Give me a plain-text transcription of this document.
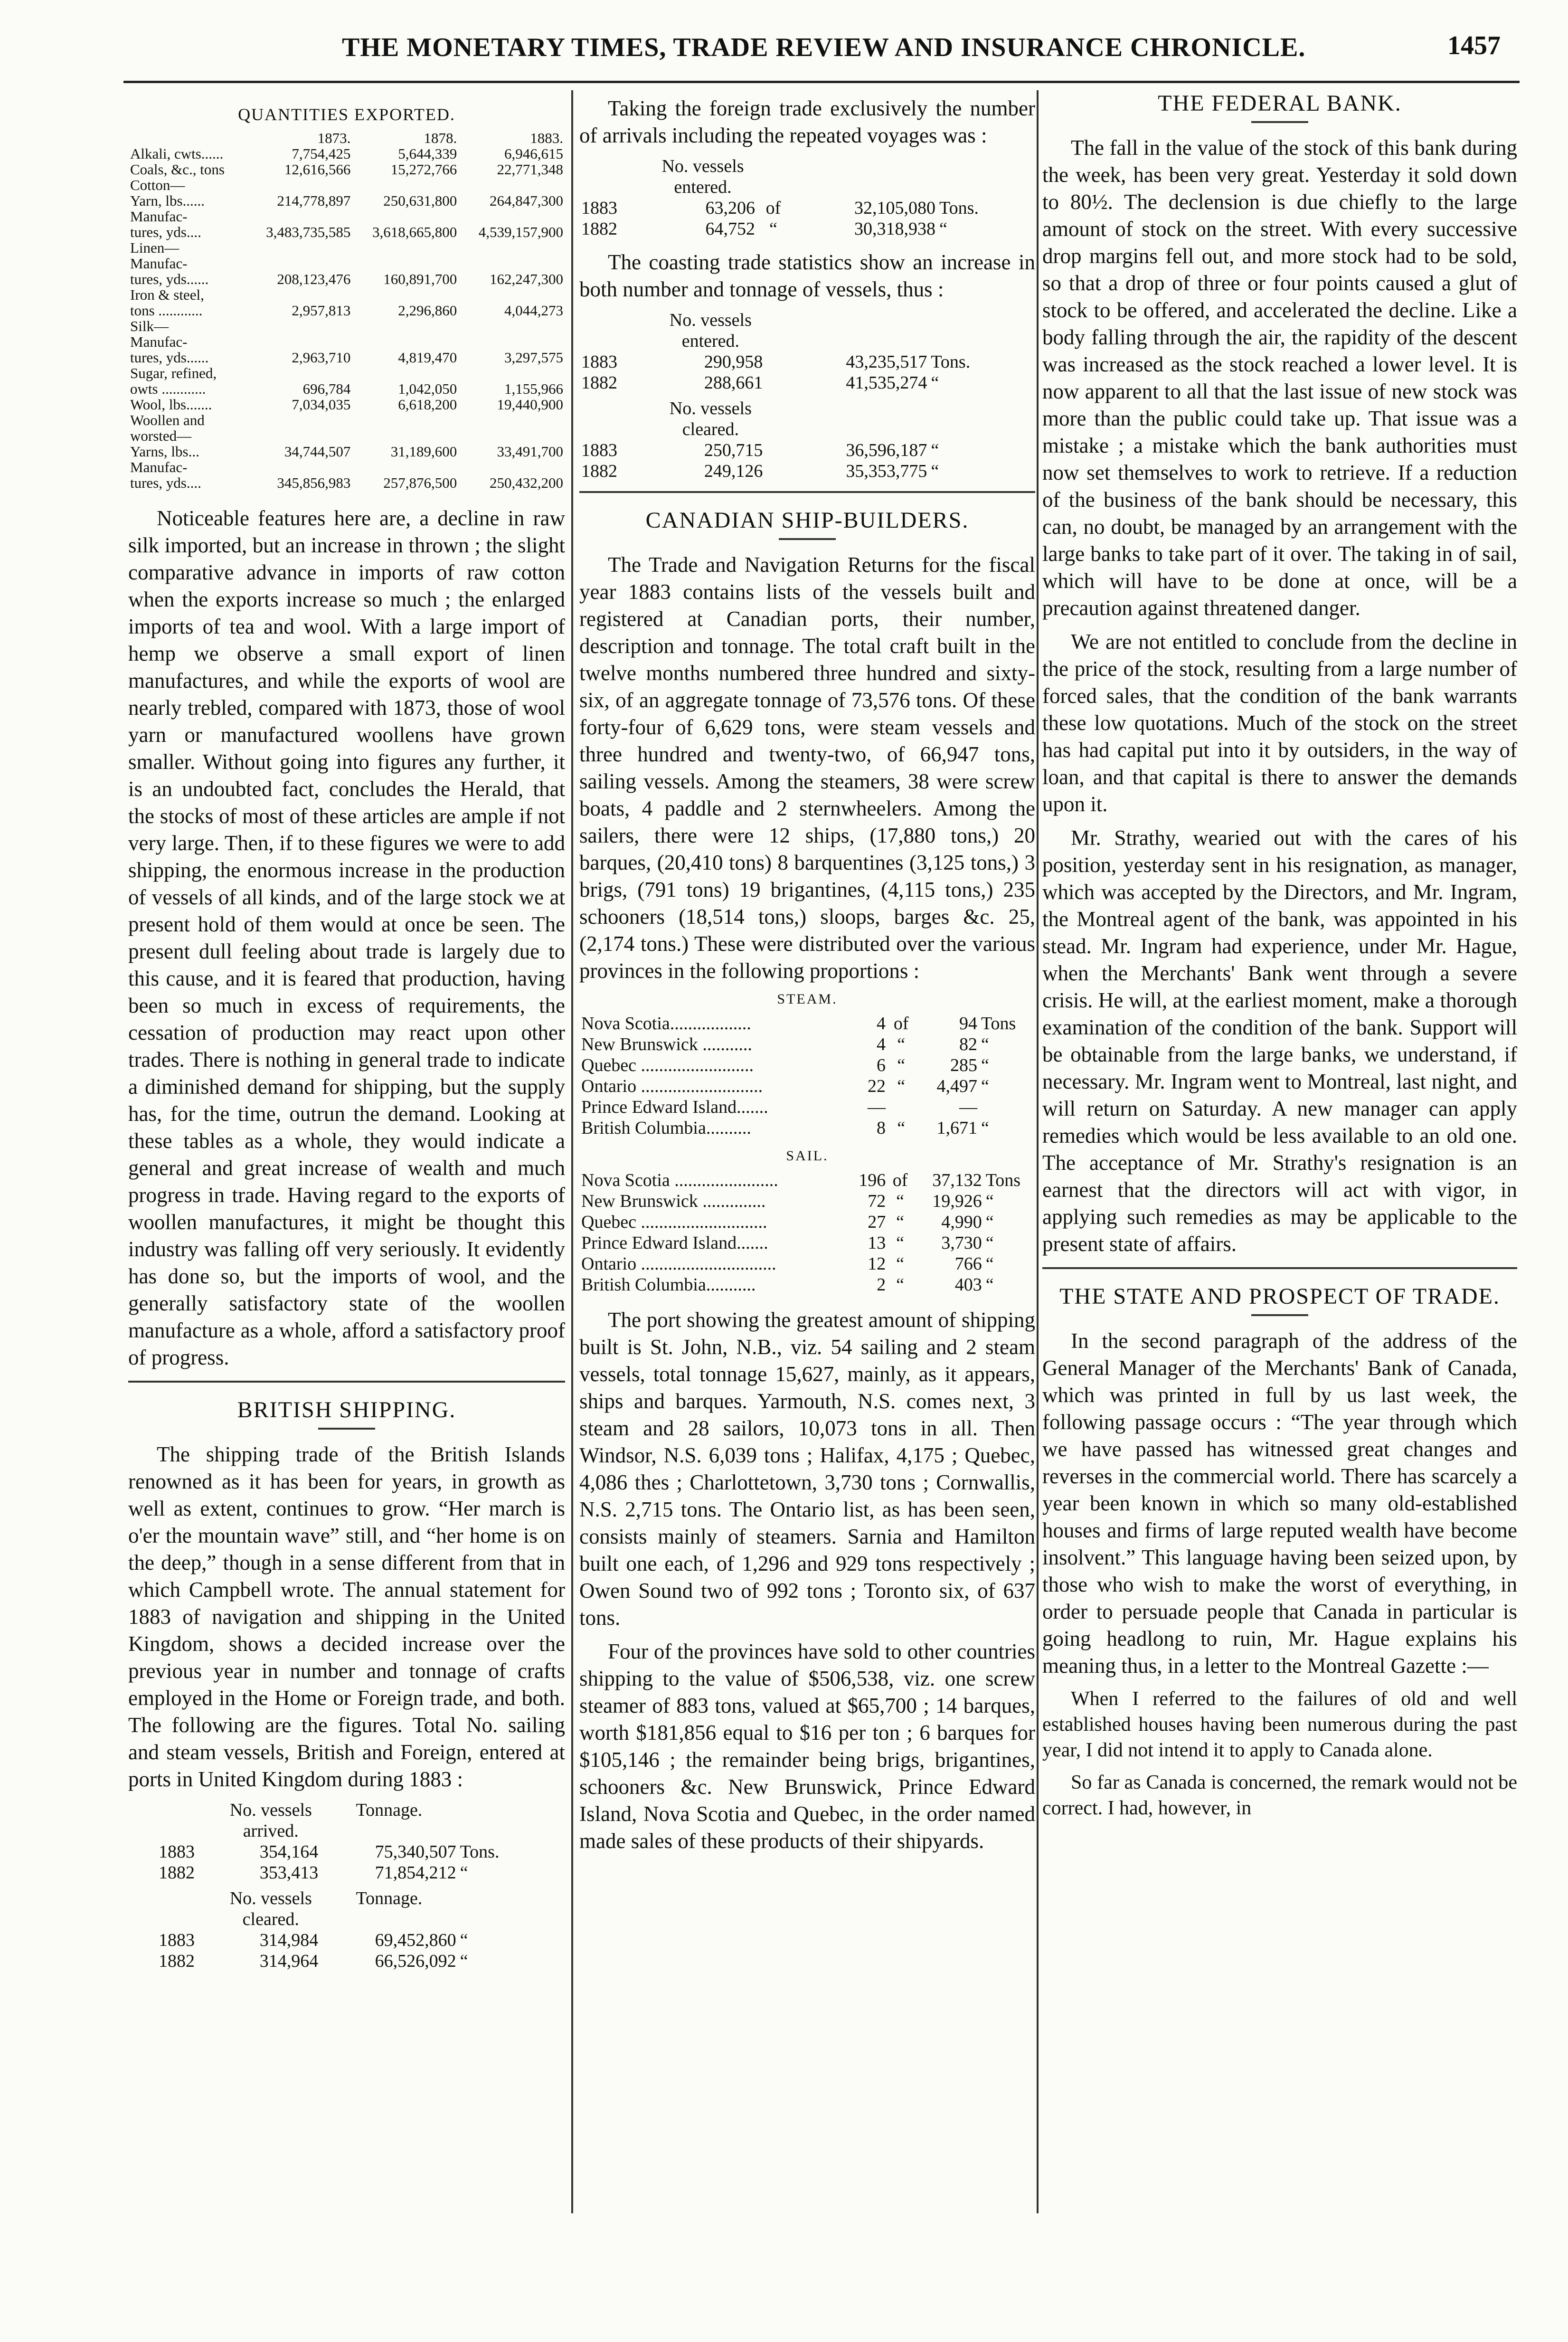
THE MONETARY TIMES, TRADE REVIEW AND INSURANCE CHRONICLE.	1457
QUANTITIES EXPORTED.
	1873.	1878.	1883.
Alkali, cwts......	7,754,425	5,644,339	6,946,615
Coals, &c., tons	12,616,566	15,272,766	22,771,348
Cotton—			
Yarn, lbs......	214,778,897	250,631,800	264,847,300
Manufac-			
tures, yds....	3,483,735,585	3,618,665,800	4,539,157,900
Linen—			
Manufac-			
tures, yds......	208,123,476	160,891,700	162,247,300
Iron & steel,			
tons ............	2,957,813	2,296,860	4,044,273
Silk—			
Manufac-			
tures, yds......	2,963,710	4,819,470	3,297,575
Sugar, refined,			
owts ............	696,784	1,042,050	1,155,966
Wool, lbs.......	7,034,035	6,618,200	19,440,900
Woollen and			
worsted—			
Yarns, lbs...	34,744,507	31,189,600	33,491,700
Manufac-			
tures, yds....	345,856,983	257,876,500	250,432,200

Noticeable features here are, a decline in raw silk imported, but an increase in thrown ; the slight comparative advance in imports of raw cotton when the exports increase so much ; the enlarged imports of tea and wool. With a large import of hemp we observe a small export of linen manufactures, and while the exports of wool are nearly trebled, compared with 1873, those of wool yarn or manufactured woollens have grown smaller. Without going into figures any further, it is an undoubted fact, concludes the Herald, that the stocks of most of these articles are ample if not very large. Then, if to these figures we were to add shipping, the enormous increase in the production of vessels of all kinds, and of the large stock we at present hold of them would at once be seen. The present dull feeling about trade is largely due to this cause, and it is feared that production, having been so much in excess of requirements, the cessation of production may react upon other trades. There is nothing in general trade to indicate a diminished demand for shipping, but the supply has, for the time, outrun the demand. Looking at these tables as a whole, they would indicate a general and great increase of wealth and much progress in trade. Having regard to the exports of woollen manufactures, it might be thought this industry was falling off very seriously. It evidently has done so, but the imports of wool, and the generally satisfactory state of the woollen manufacture as a whole, afford a satisfactory proof of progress.

BRITISH SHIPPING.

The shipping trade of the British Islands renowned as it has been for years, in growth as well as extent, continues to grow. “Her march is o'er the mountain wave” still, and “her home is on the deep,” though in a sense different from that in which Campbell wrote. The annual statement for 1883 of navigation and shipping in the United Kingdom, shows a decided increase over the previous year in number and tonnage of crafts employed in the Home or Foreign trade, and both. The following are the figures. Total No. sailing and steam vessels, British and Foreign, entered at ports in United Kingdom during 1883 :

	No. vessels arrived.	Tonnage.	
1883	354,164	75,340,507	Tons.
1882	353,413	71,854,212	“
	No. vessels cleared.	Tonnage.	
1883	314,984	69,452,860	“
1882	314,964	66,526,092	“

Taking the foreign trade exclusively the number of arrivals including the repeated voyages was :

	No. vessels entered.			
1883	63,206	of	32,105,080	Tons.
1882	64,752	“	30,318,938	“

The coasting trade statistics show an increase in both number and tonnage of vessels, thus :

	No. vessels entered.		
1883	290,958	43,235,517	Tons.
1882	288,661	41,535,274	“
	No. vessels cleared.		
1883	250,715	36,596,187	“
1882	249,126	35,353,775	“
CANADIAN SHIP-BUILDERS.

The Trade and Navigation Returns for the fiscal year 1883 contains lists of the vessels built and registered at Canadian ports, their number, description and tonnage. The total craft built in the twelve months numbered three hundred and sixty-six, of an aggregate tonnage of 73,576 tons. Of these forty-four of 6,629 tons, were steam vessels and three hundred and twenty-two, of 66,947 tons, sailing vessels. Among the steamers, 38 were screw boats, 4 paddle and 2 sternwheelers. Among the sailers, there were 12 ships, (17,880 tons,) 20 barques, (20,410 tons) 8 barquentines (3,125 tons,) 3 brigs, (791 tons) 19 brigantines, (4,115 tons,) 235 schooners (18,514 tons,) sloops, barges &c. 25, (2,174 tons.) These were distributed over the various provinces in the following proportions :

STEAM.
Nova Scotia..................	4	of	94	Tons
New Brunswick ...........	4	“	82	“
Quebec .........................	6	“	285	“
Ontario ...........................	22	“	4,497	“
Prince Edward Island.......	—		—	
British Columbia..........	8	“	1,671	“
SAIL.
Nova Scotia .......................	196	of	37,132	Tons
New Brunswick ..............	72	“	19,926	“
Quebec ............................	27	“	4,990	“
Prince Edward Island.......	13	“	3,730	“
Ontario ..............................	12	“	766	“
British Columbia...........	2	“	403	“

The port showing the greatest amount of shipping built is St. John, N.B., viz. 54 sailing and 2 steam vessels, total tonnage 15,627, mainly, as it appears, ships and barques. Yarmouth, N.S. comes next, 3 steam and 28 sailors, 10,073 tons in all. Then Windsor, N.S. 6,039 tons ; Halifax, 4,175 ; Quebec, 4,086 thes ; Charlottetown, 3,730 tons ; Cornwallis, N.S. 2,715 tons. The Ontario list, as has been seen, consists mainly of steamers. Sarnia and Hamilton built one each, of 1,296 and 929 tons respectively ; Owen Sound two of 992 tons ; Toronto six, of 637 tons.

Four of the provinces have sold to other countries shipping to the value of $506,538, viz. one screw steamer of 883 tons, valued at $65,700 ; 14 barques, worth $181,856 equal to $16 per ton ; 6 barques for $105,146 ; the remainder being brigs, brigantines, schooners &c. New Brunswick, Prince Edward Island, Nova Scotia and Quebec, in the order named made sales of these products of their shipyards.

THE FEDERAL BANK.

The fall in the value of the stock of this bank during the week, has been very great. Yesterday it sold down to 80½. The declension is due chiefly to the large amount of stock on the street. With every successive drop margins fell out, and more stock had to be sold, so that a drop of three or four points caused a glut of stock to be offered, and accelerated the decline. Like a body falling through the air, the rapidity of the descent was increased as the stock reached a lower level. It is now apparent to all that the last issue of new stock was more than the public could take up. That issue was a mistake ; a mistake which the bank authorities must now set themselves to work to retrieve. If a reduction of the business of the bank should be necessary, this can, no doubt, be managed by an arrangement with the large banks to take part of it over. The taking in of sail, which will have to be done at once, will be a precaution against threatened danger.

We are not entitled to conclude from the decline in the price of the stock, resulting from a large number of forced sales, that the condition of the bank warrants these low quotations. Much of the stock on the street has had capital put into it by outsiders, in the way of loan, and that capital is there to answer the demands upon it.

Mr. Strathy, wearied out with the cares of his position, yesterday sent in his resignation, as manager, which was accepted by the Directors, and Mr. Ingram, the Montreal agent of the bank, was appointed in his stead. Mr. Ingram had experience, under Mr. Hague, when the Merchants' Bank went through a severe crisis. He will, at the earliest moment, make a thorough examination of the condition of the bank. Support will be obtainable from the large banks, we understand, if necessary. Mr. Ingram went to Montreal, last night, and will return on Saturday. A new manager can apply remedies which would be less available to an old one. The acceptance of Mr. Strathy's resignation is an earnest that the directors will act with vigor, in applying such remedies as may be applicable to the present state of affairs.

THE STATE AND PROSPECT OF TRADE.

In the second paragraph of the address of the General Manager of the Merchants' Bank of Canada, which was printed in full by us last week, the following passage occurs : “The year through which we have passed has witnessed great changes and reverses in the commercial world. There has scarcely a year been known in which so many old-established houses and firms of large reputed wealth have become insolvent.” This language having been seized upon, by those who wish to make the worst of everything, in order to persuade people that Canada in particular is going headlong to ruin, Mr. Hague explains his meaning thus, in a letter to the Montreal Gazette :—

When I referred to the failures of old and well established houses having been numerous during the past year, I did not intend it to apply to Canada alone.

So far as Canada is concerned, the remark would not be correct. I had, however, in
